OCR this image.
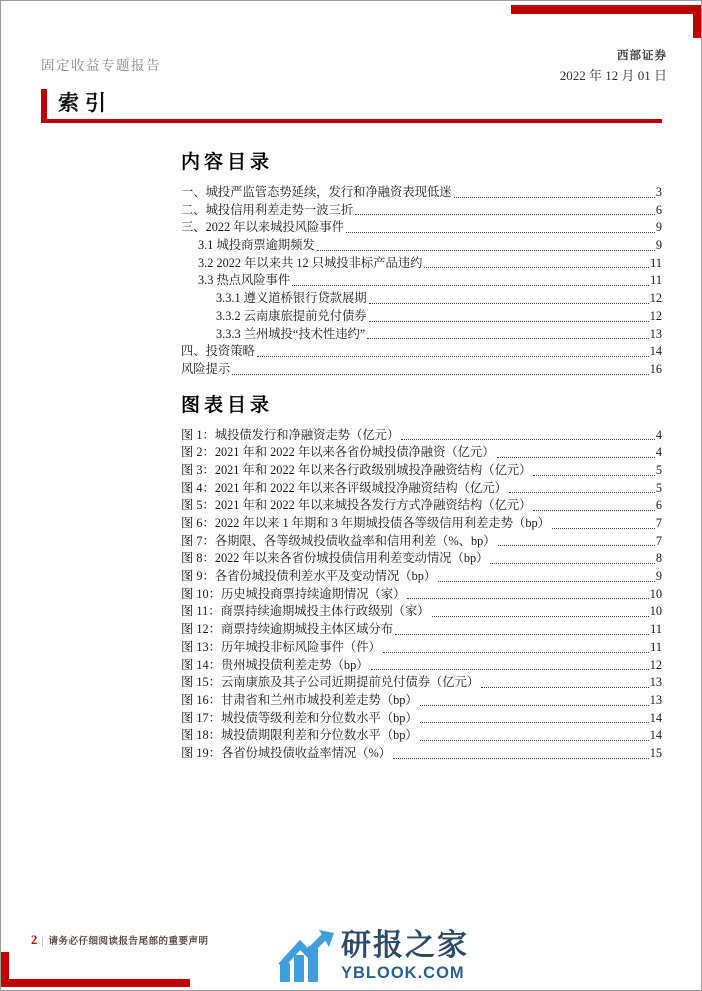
固定收益专题报告
西部证券
2022 年 12 月 01 日
索引
内容目录
一、城投严监管态势延续，发行和净融资表现低迷	3
二、城投信用利差走势一波三折	6
三、2022 年以来城投风险事件	9
3.1 城投商票逾期频发	9
3.2 2022 年以来共 12 只城投非标产品违约	11
3.3 热点风险事件	11
3.3.1 遵义道桥银行贷款展期	12
3.3.2 云南康旅提前兑付债券	12
3.3.3 兰州城投“技术性违约”	13
四、投资策略	14
风险提示	16
图表目录
图 1：城投债发行和净融资走势（亿元）	4
图 2：2021 年和 2022 年以来各省份城投债净融资（亿元）	4
图 3：2021 年和 2022 年以来各行政级别城投净融资结构（亿元）	5
图 4：2021 年和 2022 年以来各评级城投净融资结构（亿元）	5
图 5：2021 年和 2022 年以来城投各发行方式净融资结构（亿元）	6
图 6：2022 年以来 1 年期和 3 年期城投债各等级信用利差走势（bp）	7
图 7：各期限、各等级城投债收益率和信用利差（%、bp）	7
图 8：2022 年以来各省份城投债信用利差变动情况（bp）	8
图 9：各省份城投债利差水平及变动情况（bp）	9
图 10：历史城投商票持续逾期情况（家）	10
图 11：商票持续逾期城投主体行政级别（家）	10
图 12：商票持续逾期城投主体区域分布	11
图 13：历年城投非标风险事件（件）	11
图 14：贵州城投债利差走势（bp）	12
图 15：云南康旅及其子公司近期提前兑付债券（亿元）	13
图 16：甘肃省和兰州市城投利差走势（bp）	13
图 17：城投债等级利差和分位数水平（bp）	14
图 18：城投债期限利差和分位数水平（bp）	14
图 19：各省份城投债收益率情况（%）	15
2 | 请务必仔细阅读报告尾部的重要声明	研报之家
YBLOOK.COM
